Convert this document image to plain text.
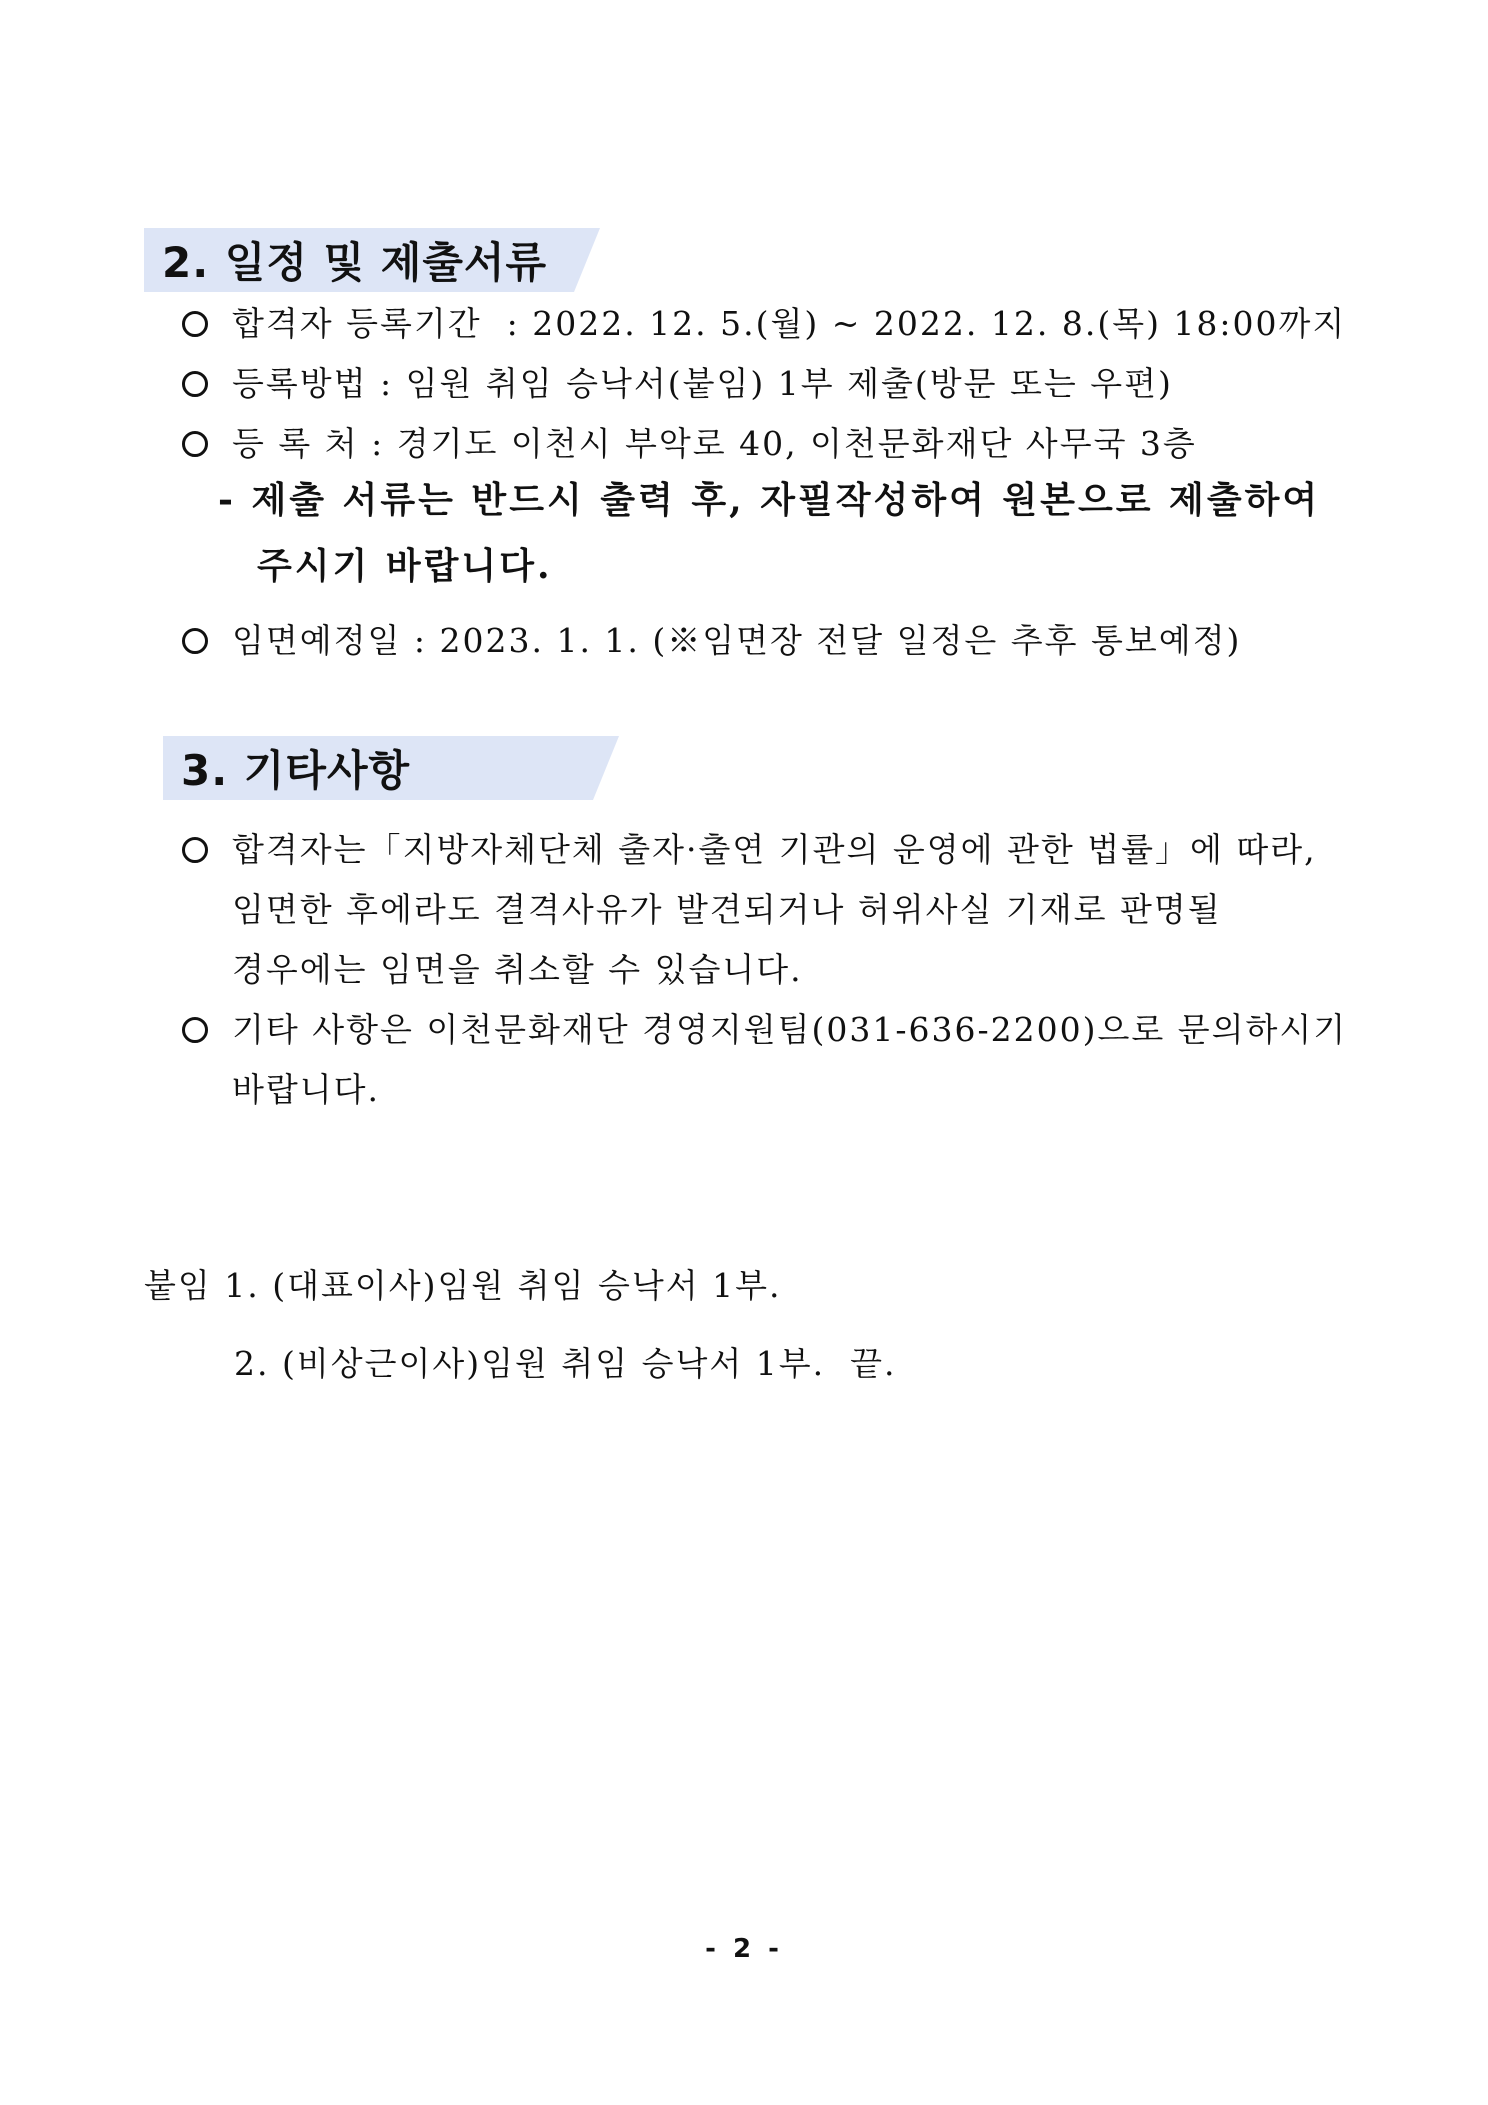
2. 일정 및 제출서류
합격자 등록기간  : 2022. 12. 5.(월) ~ 2022. 12. 8.(목) 18:00까지
등록방법 : 임원 취임 승낙서(붙임) 1부 제출(방문 또는 우편)
등 록 처 : 경기도 이천시 부악로 40, 이천문화재단 사무국 3층
- 제출 서류는 반드시 출력 후, 자필작성하여 원본으로 제출하여
주시기 바랍니다.
임면예정일 : 2023. 1. 1. (※임면장 전달 일정은 추후 통보예정)
3. 기타사항
합격자는「지방자체단체 출자·출연 기관의 운영에 관한 법률」에 따라,
임면한 후에라도 결격사유가 발견되거나 허위사실 기재로 판명될
경우에는 임면을 취소할 수 있습니다.
기타 사항은 이천문화재단 경영지원팀(031-636-2200)으로 문의하시기
바랍니다.
붙임 1. (대표이사)임원 취임 승낙서 1부.
2. (비상근이사)임원 취임 승낙서 1부.  끝.
- 2 -
